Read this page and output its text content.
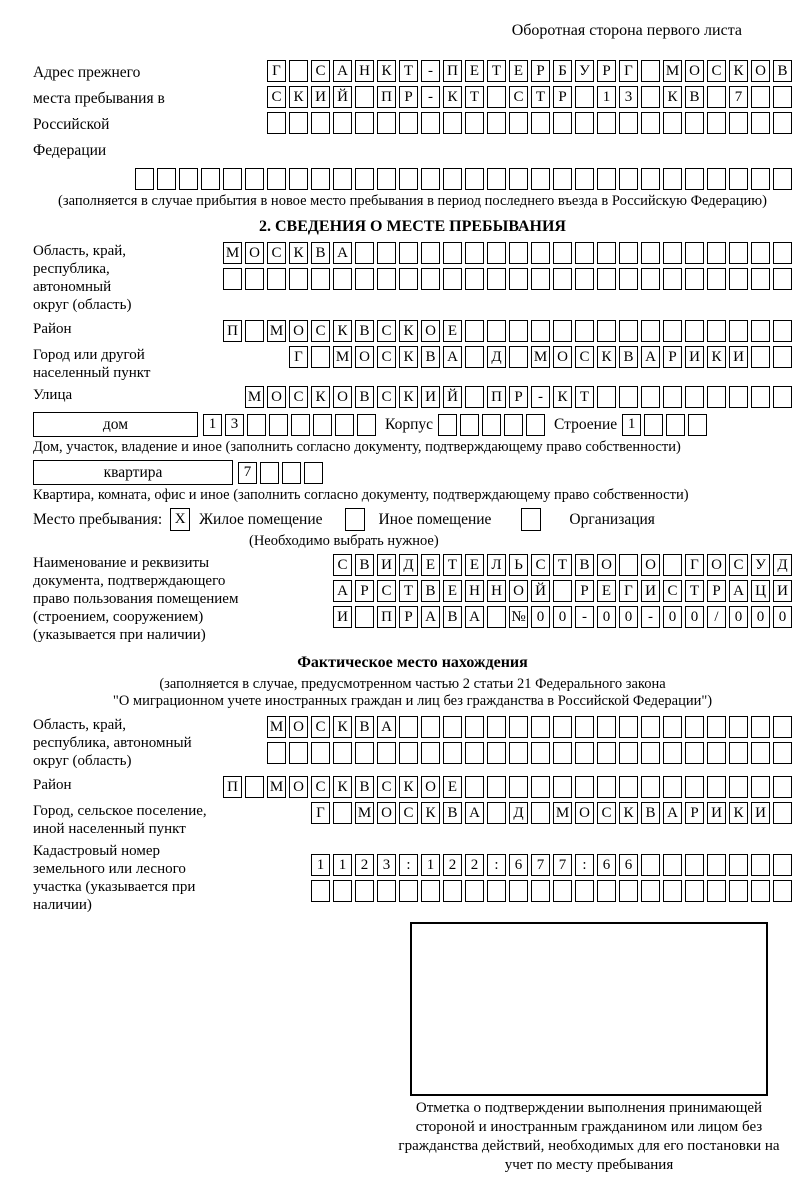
Оборотная сторона первого листа
Адрес прежнего места пребывания в Российской Федерации
Г	С А Н К Т - П Е Т Е Р Б У Р Г	М О С К О В
С К И Й П Р	- К Т	С Т Р	1 3	К В	7
(заполняется в случае прибытия в новое место пребывания в период последнего въезда в Российскую Федерацию)
2. СВЕДЕНИЯ О МЕСТЕ ПРЕБЫВАНИЯ
Область, край, республика, автономный округ (область)
М О С К В А
Район	П М О С К В С К О Е
Город или другой населенный пункт
Г	М О С К В А Д М О С К В А Р И К И
Улица	М О С К О В С К И Й П Р	- К Т
дом	1 3	Корпус	Строение 1
Дом, участок, владение и иное (заполнить согласно документу, подтверждающему право собственности)
квартира	7
Квартира, комната, офис и иное (заполнить согласно документу, подтверждающему право собственности)
Место пребывания: X Жилое помещение	Иное помещение	Организация
(Необходимо выбрать нужное)
Наименование и реквизиты документа, подтверждающего право пользования помещением (строением, сооружением) (указывается при наличии)
С В И Д Е Т Е Л Ь С Т В О О	Г О С У Д
А Р С Т В Е Н Н О Й	Р Е Г И С Т Р А Ц И
И П Р А В А № 0 0	-	0 0	-	0 0	/	0 0 0
Фактическое место нахождения
(заполняется в случае, предусмотренном частью 2 статьи 21 Федерального закона
"О миграционном учете иностранных граждан и лиц без гражданства в Российской Федерации")
Область, край, республика, автономный округ (область)
М О С К В А
Район	П М О С К В С К О Е
Город, сельское поселение, иной населенный пункт
Г	М О С К В А Д М О С К В А Р И К И
Кадастровый номер земельного или лесного участка (указывается при наличии)
1 1 2 3	:	1 2 2	:	6 7 7	:	6 6
Отметка о подтверждении выполнения принимающей стороной и иностранным гражданином или лицом без гражданства действий, необходимых для его постановки на учет по месту пребывания
